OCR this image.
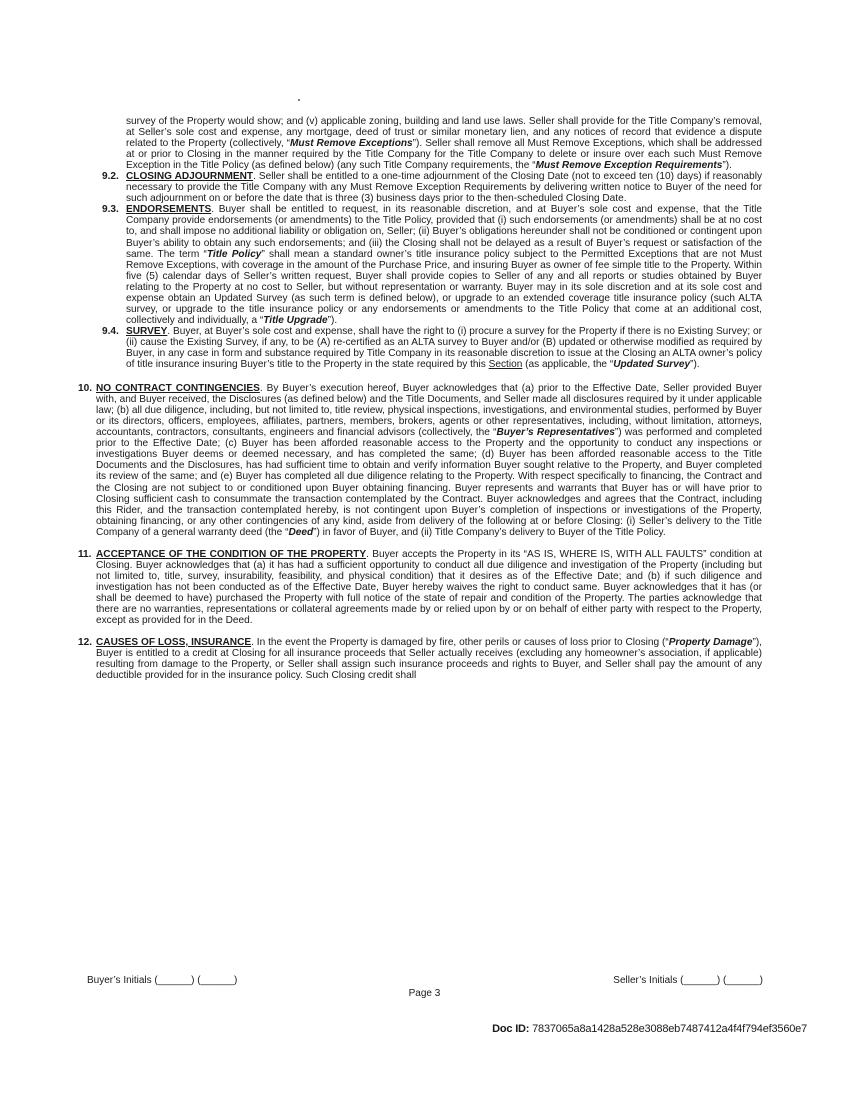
survey of the Property would show; and (v) applicable zoning, building and land use laws. Seller shall provide for the Title Company’s removal, at Seller’s sole cost and expense, any mortgage, deed of trust or similar monetary lien, and any notices of record that evidence a dispute related to the Property (collectively, “Must Remove Exceptions”). Seller shall remove all Must Remove Exceptions, which shall be addressed at or prior to Closing in the manner required by the Title Company for the Title Company to delete or insure over each such Must Remove Exception in the Title Policy (as defined below) (any such Title Company requirements, the “Must Remove Exception Requirements”).

9.2. CLOSING ADJOURNMENT. Seller shall be entitled to a one-time adjournment of the Closing Date (not to exceed ten (10) days) if reasonably necessary to provide the Title Company with any Must Remove Exception Requirements by delivering written notice to Buyer of the need for such adjournment on or before the date that is three (3) business days prior to the then-scheduled Closing Date.

9.3. ENDORSEMENTS. Buyer shall be entitled to request, in its reasonable discretion, and at Buyer’s sole cost and expense, that the Title Company provide endorsements (or amendments) to the Title Policy, provided that (i) such endorsements (or amendments) shall be at no cost to, and shall impose no additional liability or obligation on, Seller; (ii) Buyer’s obligations hereunder shall not be conditioned or contingent upon Buyer’s ability to obtain any such endorsements; and (iii) the Closing shall not be delayed as a result of Buyer’s request or satisfaction of the same. The term “Title Policy” shall mean a standard owner’s title insurance policy subject to the Permitted Exceptions that are not Must Remove Exceptions, with coverage in the amount of the Purchase Price, and insuring Buyer as owner of fee simple title to the Property. Within five (5) calendar days of Seller’s written request, Buyer shall provide copies to Seller of any and all reports or studies obtained by Buyer relating to the Property at no cost to Seller, but without representation or warranty. Buyer may in its sole discretion and at its sole cost and expense obtain an Updated Survey (as such term is defined below), or upgrade to an extended coverage title insurance policy (such ALTA survey, or upgrade to the title insurance policy or any endorsements or amendments to the Title Policy that come at an additional cost, collectively and individually, a “Title Upgrade”).

9.4. SURVEY. Buyer, at Buyer’s sole cost and expense, shall have the right to (i) procure a survey for the Property if there is no Existing Survey; or (ii) cause the Existing Survey, if any, to be (A) re-certified as an ALTA survey to Buyer and/or (B) updated or otherwise modified as required by Buyer, in any case in form and substance required by Title Company in its reasonable discretion to issue at the Closing an ALTA owner’s policy of title insurance insuring Buyer’s title to the Property in the state required by this Section (as applicable, the “Updated Survey”).

10. NO CONTRACT CONTINGENCIES. By Buyer’s execution hereof, Buyer acknowledges that (a) prior to the Effective Date, Seller provided Buyer with, and Buyer received, the Disclosures (as defined below) and the Title Documents, and Seller made all disclosures required by it under applicable law; (b) all due diligence, including, but not limited to, title review, physical inspections, investigations, and environmental studies, performed by Buyer or its directors, officers, employees, affiliates, partners, members, brokers, agents or other representatives, including, without limitation, attorneys, accountants, contractors, consultants, engineers and financial advisors (collectively, the “Buyer’s Representatives”) was performed and completed prior to the Effective Date; (c) Buyer has been afforded reasonable access to the Property and the opportunity to conduct any inspections or investigations Buyer deems or deemed necessary, and has completed the same; (d) Buyer has been afforded reasonable access to the Title Documents and the Disclosures, has had sufficient time to obtain and verify information Buyer sought relative to the Property, and Buyer completed its review of the same; and (e) Buyer has completed all due diligence relating to the Property. With respect specifically to financing, the Contract and the Closing are not subject to or conditioned upon Buyer obtaining financing. Buyer represents and warrants that Buyer has or will have prior to Closing sufficient cash to consummate the transaction contemplated by the Contract. Buyer acknowledges and agrees that the Contract, including this Rider, and the transaction contemplated hereby, is not contingent upon Buyer’s completion of inspections or investigations of the Property, obtaining financing, or any other contingencies of any kind, aside from delivery of the following at or before Closing: (i) Seller’s delivery to the Title Company of a general warranty deed (the “Deed”) in favor of Buyer, and (ii) Title Company’s delivery to Buyer of the Title Policy.

11. ACCEPTANCE OF THE CONDITION OF THE PROPERTY. Buyer accepts the Property in its “AS IS, WHERE IS, WITH ALL FAULTS” condition at Closing. Buyer acknowledges that (a) it has had a sufficient opportunity to conduct all due diligence and investigation of the Property (including but not limited to, title, survey, insurability, feasibility, and physical condition) that it desires as of the Effective Date; and (b) if such diligence and investigation has not been conducted as of the Effective Date, Buyer hereby waives the right to conduct same. Buyer acknowledges that it has (or shall be deemed to have) purchased the Property with full notice of the state of repair and condition of the Property. The parties acknowledge that there are no warranties, representations or collateral agreements made by or relied upon by or on behalf of either party with respect to the Property, except as provided for in the Deed.

12. CAUSES OF LOSS, INSURANCE. In the event the Property is damaged by fire, other perils or causes of loss prior to Closing (“Property Damage”), Buyer is entitled to a credit at Closing for all insurance proceeds that Seller actually receives (excluding any homeowner’s association, if applicable) resulting from damage to the Property, or Seller shall assign such insurance proceeds and rights to Buyer, and Seller shall pay the amount of any deductible provided for in the insurance policy. Such Closing credit shall

Buyer’s Initials (______) (______)	Seller’s Initials (______) (______)
Page 3
Doc ID: 7837065a8a1428a528e3088eb7487412a4f4f794ef3560e7
